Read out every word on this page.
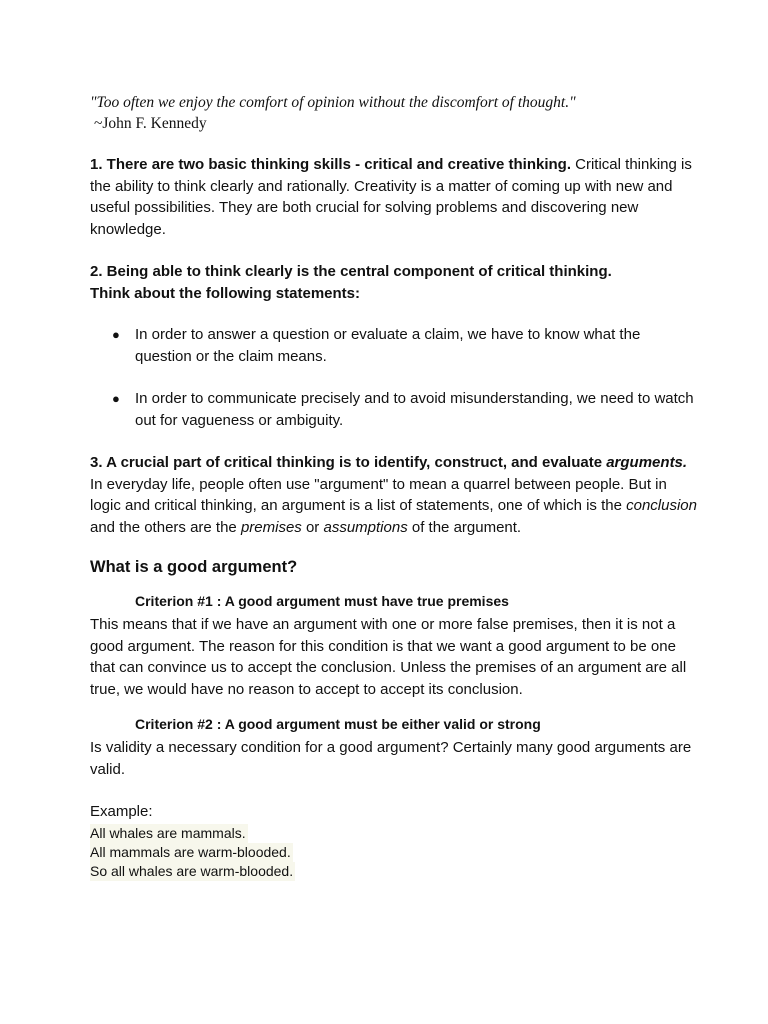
"Too often we enjoy the comfort of opinion without the discomfort of thought."
~John F. Kennedy

1. There are two basic thinking skills - critical and creative thinking. Critical thinking is the ability to think clearly and rationally. Creativity is a matter of coming up with new and useful possibilities. They are both crucial for solving problems and discovering new knowledge.

2. Being able to think clearly is the central component of critical thinking.
Think about the following statements:

● In order to answer a question or evaluate a claim, we have to know what the question or the claim means.
● In order to communicate precisely and to avoid misunderstanding, we need to watch out for vagueness or ambiguity.

3. A crucial part of critical thinking is to identify, construct, and evaluate arguments.
In everyday life, people often use "argument" to mean a quarrel between people. But in logic and critical thinking, an argument is a list of statements, one of which is the conclusion and the others are the premises or assumptions of the argument.

What is a good argument?
Criterion #1 : A good argument must have true premises

This means that if we have an argument with one or more false premises, then it is not a good argument. The reason for this condition is that we want a good argument to be one that can convince us to accept the conclusion. Unless the premises of an argument are all true, we would have no reason to accept to accept its conclusion.

Criterion #2 : A good argument must be either valid or strong

Is validity a necessary condition for a good argument? Certainly many good arguments are valid.

Example:

All whales are mammals.
All mammals are warm-blooded.
So all whales are warm-blooded.
